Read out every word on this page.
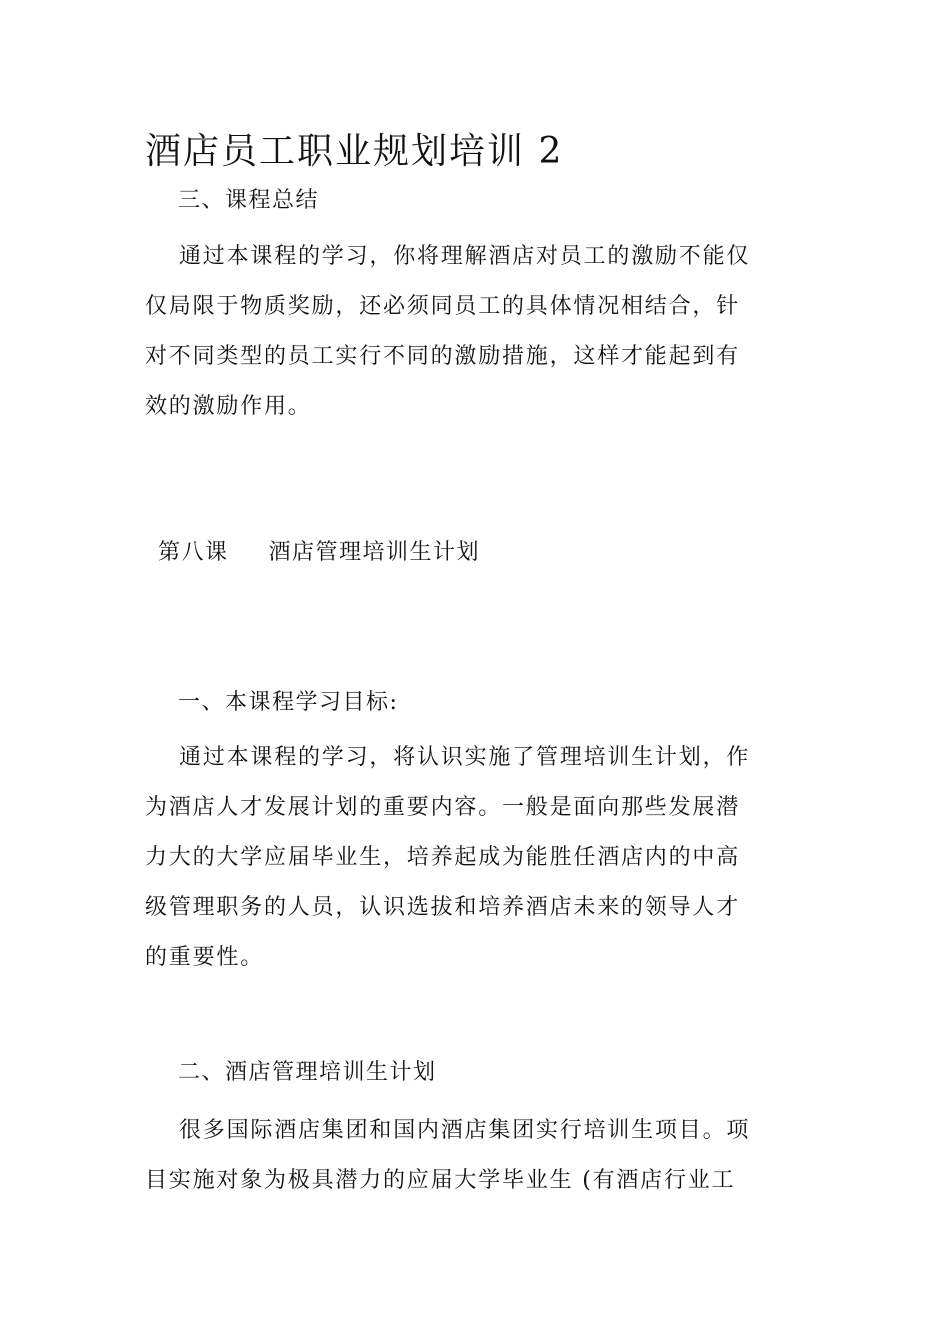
酒店员工职业规划培训 2
三、课程总结
通过本课程的学习，你将理解酒店对员工的激励不能仅
仅局限于物质奖励，还必须同员工的具体情况相结合，针
对不同类型的员工实行不同的激励措施，这样才能起到有
效的激励作用。
第八课 酒店管理培训生计划
一、本课程学习目标:
通过本课程的学习，将认识实施了管理培训生计划，作
为酒店人才发展计划的重要内容。一般是面向那些发展潜
力大的大学应届毕业生，培养起成为能胜任酒店内的中高
级管理职务的人员，认识选拔和培养酒店未来的领导人才
的重要性。
二、酒店管理培训生计划
很多国际酒店集团和国内酒店集团实行培训生项目。项
目实施对象为极具潜力的应届大学毕业生 (有酒店行业工
